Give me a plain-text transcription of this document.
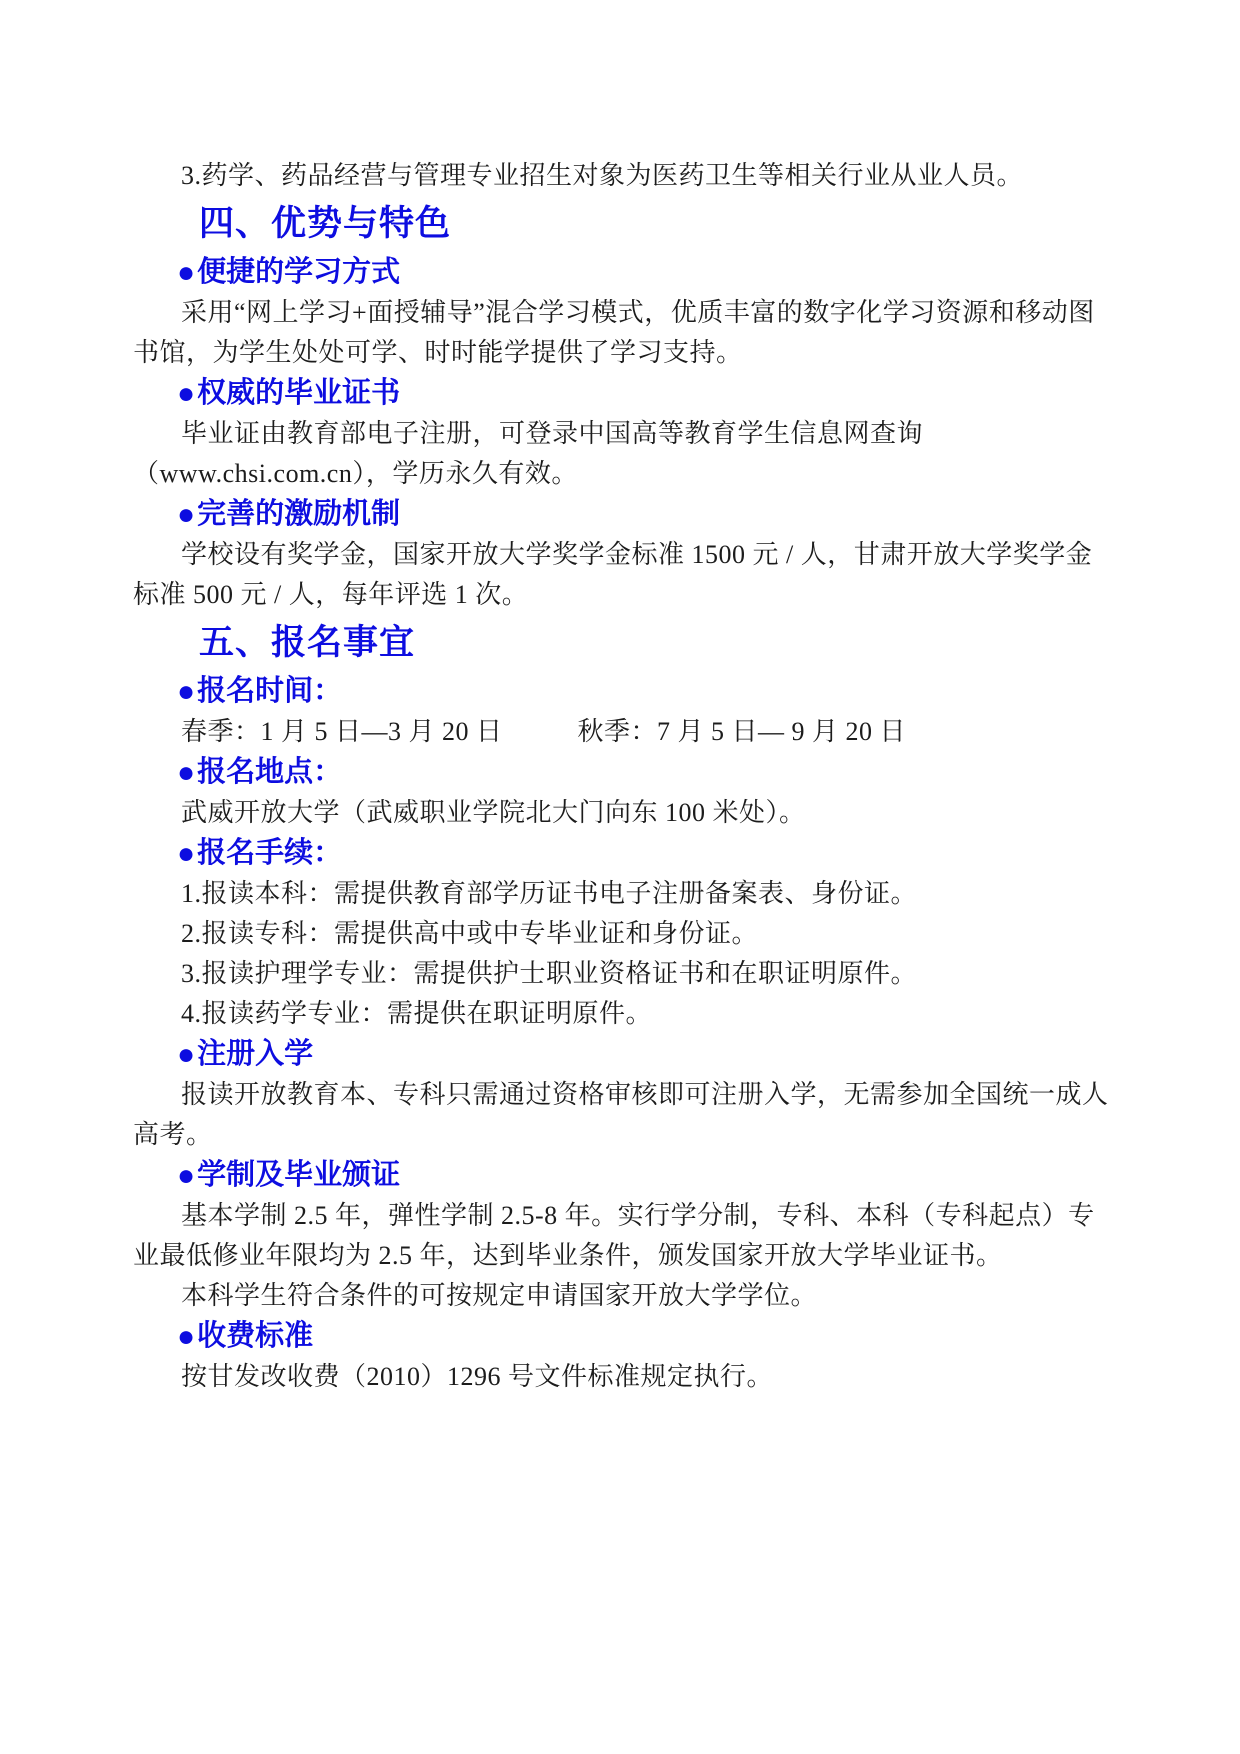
3.药学、药品经营与管理专业招生对象为医药卫生等相关行业从业人员。

四、优势与特色

●便捷的学习方式

采用“网上学习+面授辅导”混合学习模式，优质丰富的数字化学习资源和移动图书馆，为学生处处可学、时时能学提供了学习支持。

●权威的毕业证书

毕业证由教育部电子注册，可登录中国高等教育学生信息网查询

（www.chsi.com.cn），学历永久有效。

●完善的激励机制

学校设有奖学金，国家开放大学奖学金标准 1500 元 / 人，甘肃开放大学奖学金标准 500 元 / 人，每年评选 1 次。

五、报名事宜

●报名时间：

春季：1 月 5 日—3 月 20 日	秋季：7 月 5 日— 9 月 20 日

●报名地点：

武威开放大学（武威职业学院北大门向东 100 米处）。

●报名手续：

1.报读本科：需提供教育部学历证书电子注册备案表、身份证。

2.报读专科：需提供高中或中专毕业证和身份证。

3.报读护理学专业：需提供护士职业资格证书和在职证明原件。

4.报读药学专业：需提供在职证明原件。

●注册入学

报读开放教育本、专科只需通过资格审核即可注册入学，无需参加全国统一成人高考。

●学制及毕业颁证

基本学制 2.5 年，弹性学制 2.5-8 年。实行学分制，专科、本科（专科起点）专业最低修业年限均为 2.5 年，达到毕业条件，颁发国家开放大学毕业证书。

本科学生符合条件的可按规定申请国家开放大学学位。

●收费标准

按甘发改收费（2010）1296 号文件标准规定执行。
